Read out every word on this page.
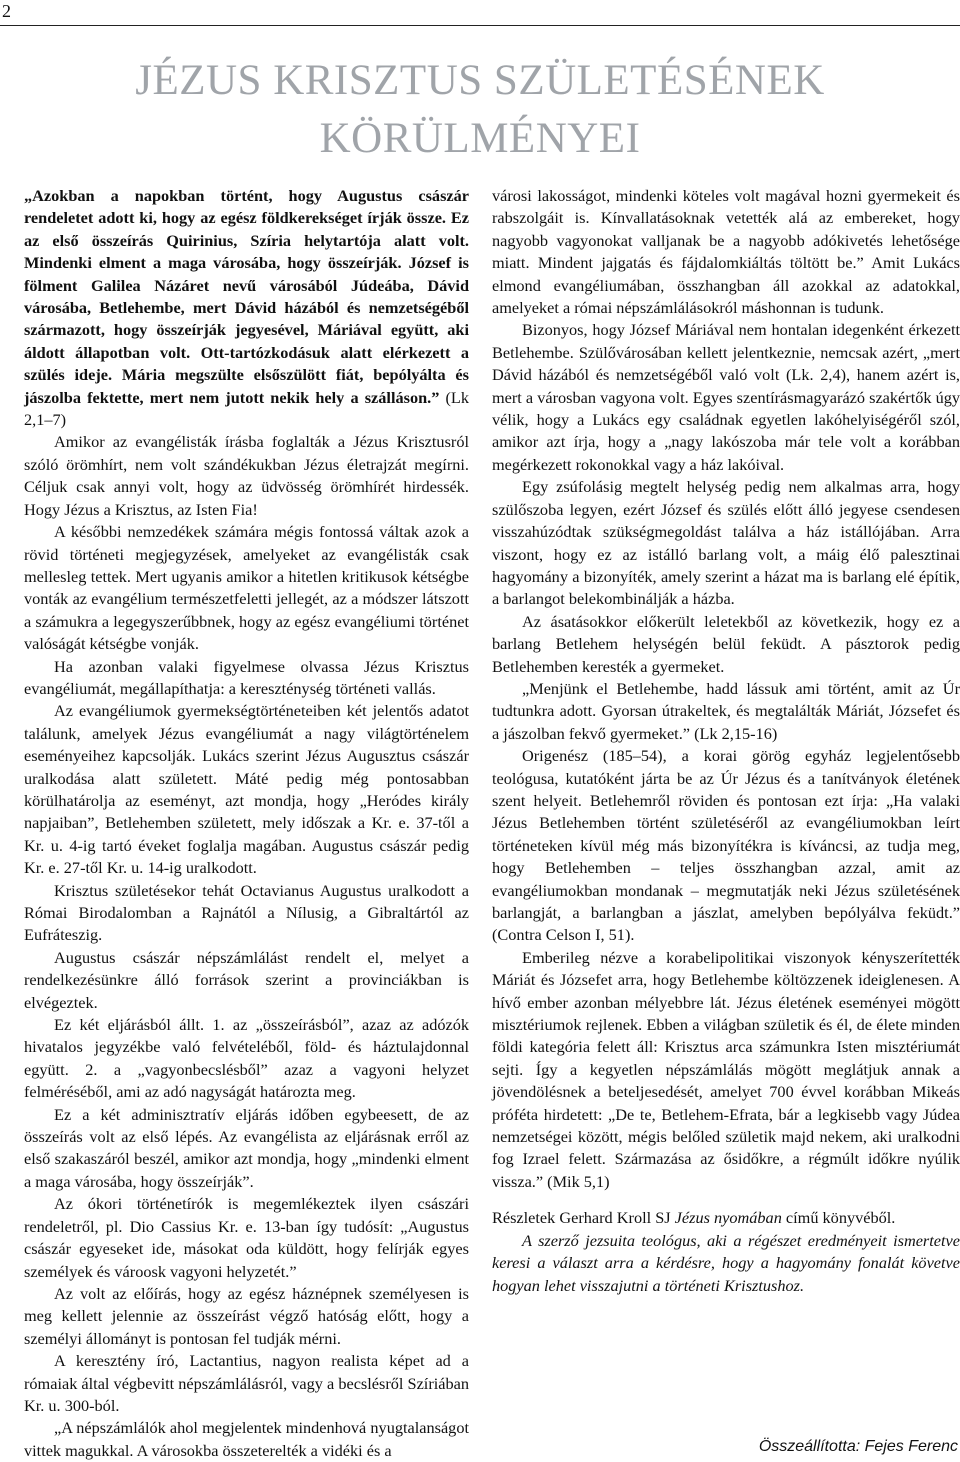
2
JÉZUS KRISZTUS SZÜLETÉSÉNEK
KÖRÜLMÉNYEI

„Azokban a napokban történt, hogy Augustus császár rendeletet adott ki, hogy az egész földkerekséget írják össze. Ez az első összeírás Quirinius, Szíria helytartója alatt volt. Mindenki elment a maga városába, hogy összeírják. József is fölment Galilea Názáret nevű városából Júdeába, Dávid városába, Betlehembe, mert Dávid házából és nemzetségéből származott, hogy összeírják jegyesével, Máriával együtt, aki áldott állapotban volt. Ott-tartózkodásuk alatt elérkezett a szülés ideje. Mária megszülte elsőszülött fiát, bepólyálta és jászolba fektette, mert nem jutott nekik hely a szálláson.” (Lk 2,1–7)

Amikor az evangélisták írásba foglalták a Jézus Krisztusról szóló örömhírt, nem volt szándékukban Jézus életrajzát megírni. Céljuk csak annyi volt, hogy az üdvösség örömhírét hirdessék. Hogy Jézus a Krisztus, az Isten Fia!

A későbbi nemzedékek számára mégis fontossá váltak azok a rövid történeti megjegyzések, amelyeket az evangélisták csak mellesleg tettek. Mert ugyanis amikor a hitetlen kritikusok kétségbe vonták az evangélium természetfeletti jellegét, az a módszer látszott a számukra a legegyszerűbbnek, hogy az egész evangéliumi történet valóságát kétségbe vonják.

Ha azonban valaki figyelmese olvassa Jézus Krisztus evangéliumát, megállapíthatja: a kereszténység történeti vallás.

Az evangéliumok gyermekségtörténeteiben két jelentős adatot találunk, amelyek Jézus evangéliumát a nagy világtörténelem eseményeihez kapcsolják. Lukács szerint Jézus Augusztus császár uralkodása alatt született. Máté pedig még pontosabban körülhatárolja az eseményt, azt mondja, hogy „Heródes király napjaiban”, Betlehemben született, mely időszak a Kr. e. 37-től a Kr. u. 4-ig tartó éveket foglalja magában. Augustus császár pedig Kr. e. 27-től Kr. u. 14-ig uralkodott.

Krisztus születésekor tehát Octavianus Augustus uralkodott a Római Birodalomban a Rajnától a Nílusig, a Gibraltártól az Eufráteszig.

Augustus császár népszámlálást rendelt el, melyet a rendelkezésünkre álló források szerint a provinciákban is elvégeztek.

Ez két eljárásból állt. 1. az „összeírásból”, azaz az adózók hivatalos jegyzékbe való felvételéből, föld- és háztulajdonnal együtt. 2. a „vagyonbecslésből” azaz a vagyoni helyzet felméréséből, ami az adó nagyságát határozta meg.

Ez a két adminisztratív eljárás időben egybeesett, de az összeírás volt az első lépés. Az evangélista az eljárásnak erről az első szakaszáról beszél, amikor azt mondja, hogy „mindenki elment a maga városába, hogy összeírják”.

Az ókori történetírók is megemlékeztek ilyen császári rendeletről, pl. Dio Cassius Kr. e. 13-ban így tudósít: „Augustus császár egyeseket ide, másokat oda küldött, hogy felírják egyes személyek és vároosk vagyoni helyzetét.”

Az volt az előírás, hogy az egész háznépnek személyesen is meg kellett jelennie az összeírást végző hatóság előtt, hogy a személyi állományt is pontosan fel tudják mérni.

A keresztény író, Lactantius, nagyon realista képet ad a rómaiak által végbevitt népszámlálásról, vagy a becslésről Szíriában Kr. u. 300-ból.

„A népszámlálók ahol megjelentek mindenhová nyugtalanságot vittek magukkal. A városokba összeterelték a vidéki és a

városi lakosságot, mindenki köteles volt magával hozni gyermekeit és rabszolgáit is. Kínvallatásoknak vetették alá az embereket, hogy nagyobb vagyonokat valljanak be a nagyobb adókivetés lehetősége miatt. Mindent jajgatás és fájdalomkiáltás töltött be.” Amit Lukács elmond evangéliumában, összhangban áll azokkal az adatokkal, amelyeket a római népszámlálásokról máshonnan is tudunk.

Bizonyos, hogy József Máriával nem hontalan idegenként érkezett Betlehembe. Szülővárosában kellett jelentkeznie, nemcsak azért, „mert Dávid házából és nemzetségéből való volt (Lk. 2,4), hanem azért is, mert a városban vagyona volt. Egyes szentírásmagyarázó szakértők úgy vélik, hogy a Lukács egy családnak egyetlen lakóhelyiségéről szól, amikor azt írja, hogy a „nagy lakószoba már tele volt a korábban megérkezett rokonokkal vagy a ház lakóival.

Egy zsúfolásig megtelt helység pedig nem alkalmas arra, hogy szülőszoba legyen, ezért József és szülés előtt álló jegyese csendesen visszahúzódtak szükségmegoldást találva a ház istállójában. Arra viszont, hogy ez az istálló barlang volt, a máig élő palesztinai hagyomány a bizonyíték, amely szerint a házat ma is barlang elé építik, a barlangot belekombinálják a házba.

Az ásatásokkor előkerült leletekből az következik, hogy ez a barlang Betlehem helységén belül feküdt. A pásztorok pedig Betlehemben keresték a gyermeket.

„Menjünk el Betlehembe, hadd lássuk ami történt, amit az Úr tudtunkra adott. Gyorsan útrakeltek, és megtalálták Máriát, Józsefet és a jászolban fekvő gyermeket.” (Lk 2,15-16)

Origenész (185–54), a korai görög egyház legjelentősebb teológusa, kutatóként járta be az Úr Jézus és a tanítványok életének szent helyeit. Betlehemről röviden és pontosan ezt írja: „Ha valaki Jézus Betlehemben történt születéséről az evangéliumokban leírt történeteken kívül még más bizonyítékra is kíváncsi, az tudja meg, hogy Betlehemben – teljes összhangban azzal, amit az evangéliumokban mondanak – megmutatják neki Jézus születésének barlangját, a barlangban a jászlat, amelyben bepólyálva feküdt.” (Contra Celson I, 51).

Emberileg nézve a korabelipolitikai viszonyok kényszerítették Máriát és Józsefet arra, hogy Betlehembe költözzenek ideiglenesen. A hívő ember azonban mélyebbre lát. Jézus életének eseményei mögött misztériumok rejlenek. Ebben a világban születik és él, de élete minden földi kategória felett áll: Krisztus arca számunkra Isten misztériumát sejti. Így a kegyetlen népszámlálás mögött meglátjuk annak a jövendölésnek a beteljesedését, amelyet 700 évvel korábban Mikeás próféta hirdetett: „De te, Betlehem-Efrata, bár a legkisebb vagy Júdea nemzetségei között, mégis belőled születik majd nekem, aki uralkodni fog Izrael felett. Származása az ősidőkre, a régmúlt időkre nyúlik vissza.” (Mik 5,1)

Részletek Gerhard Kroll SJ Jézus nyomában című könyvéből.

A szerző jezsuita teológus, aki a régészet eredményeit ismertetve keresi a választ arra a kérdésre, hogy a hagyomány fonalát követve hogyan lehet visszajutni a történeti Krisztushoz.

Összeállította: Fejes Ferenc
